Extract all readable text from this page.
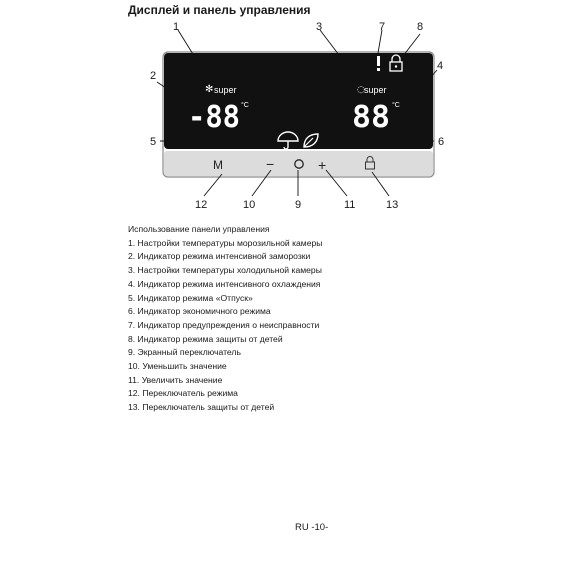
Дисплей и панель управления
✻ super
-88 °C
◌ super
88 °C
M	−	+
1
2
3
4
5	6
7	8
9
10	11
12	13
Использование панели управления
1. Настройки температуры морозильной камеры
2. Индикатор режима интенсивной заморозки
3. Настройки температуры холодильной камеры
4. Индикатор режима интенсивного охлаждения
5. Индикатор режима «Отпуск»
6. Индикатор экономичного режима
7. Индикатор предупреждения о неисправности
8. Индикатор режима защиты от детей
9. Экранный переключатель
10. Уменьшить значение
11. Увеличить значение
12. Переключатель режима
13. Переключатель защиты от детей
RU -10-
